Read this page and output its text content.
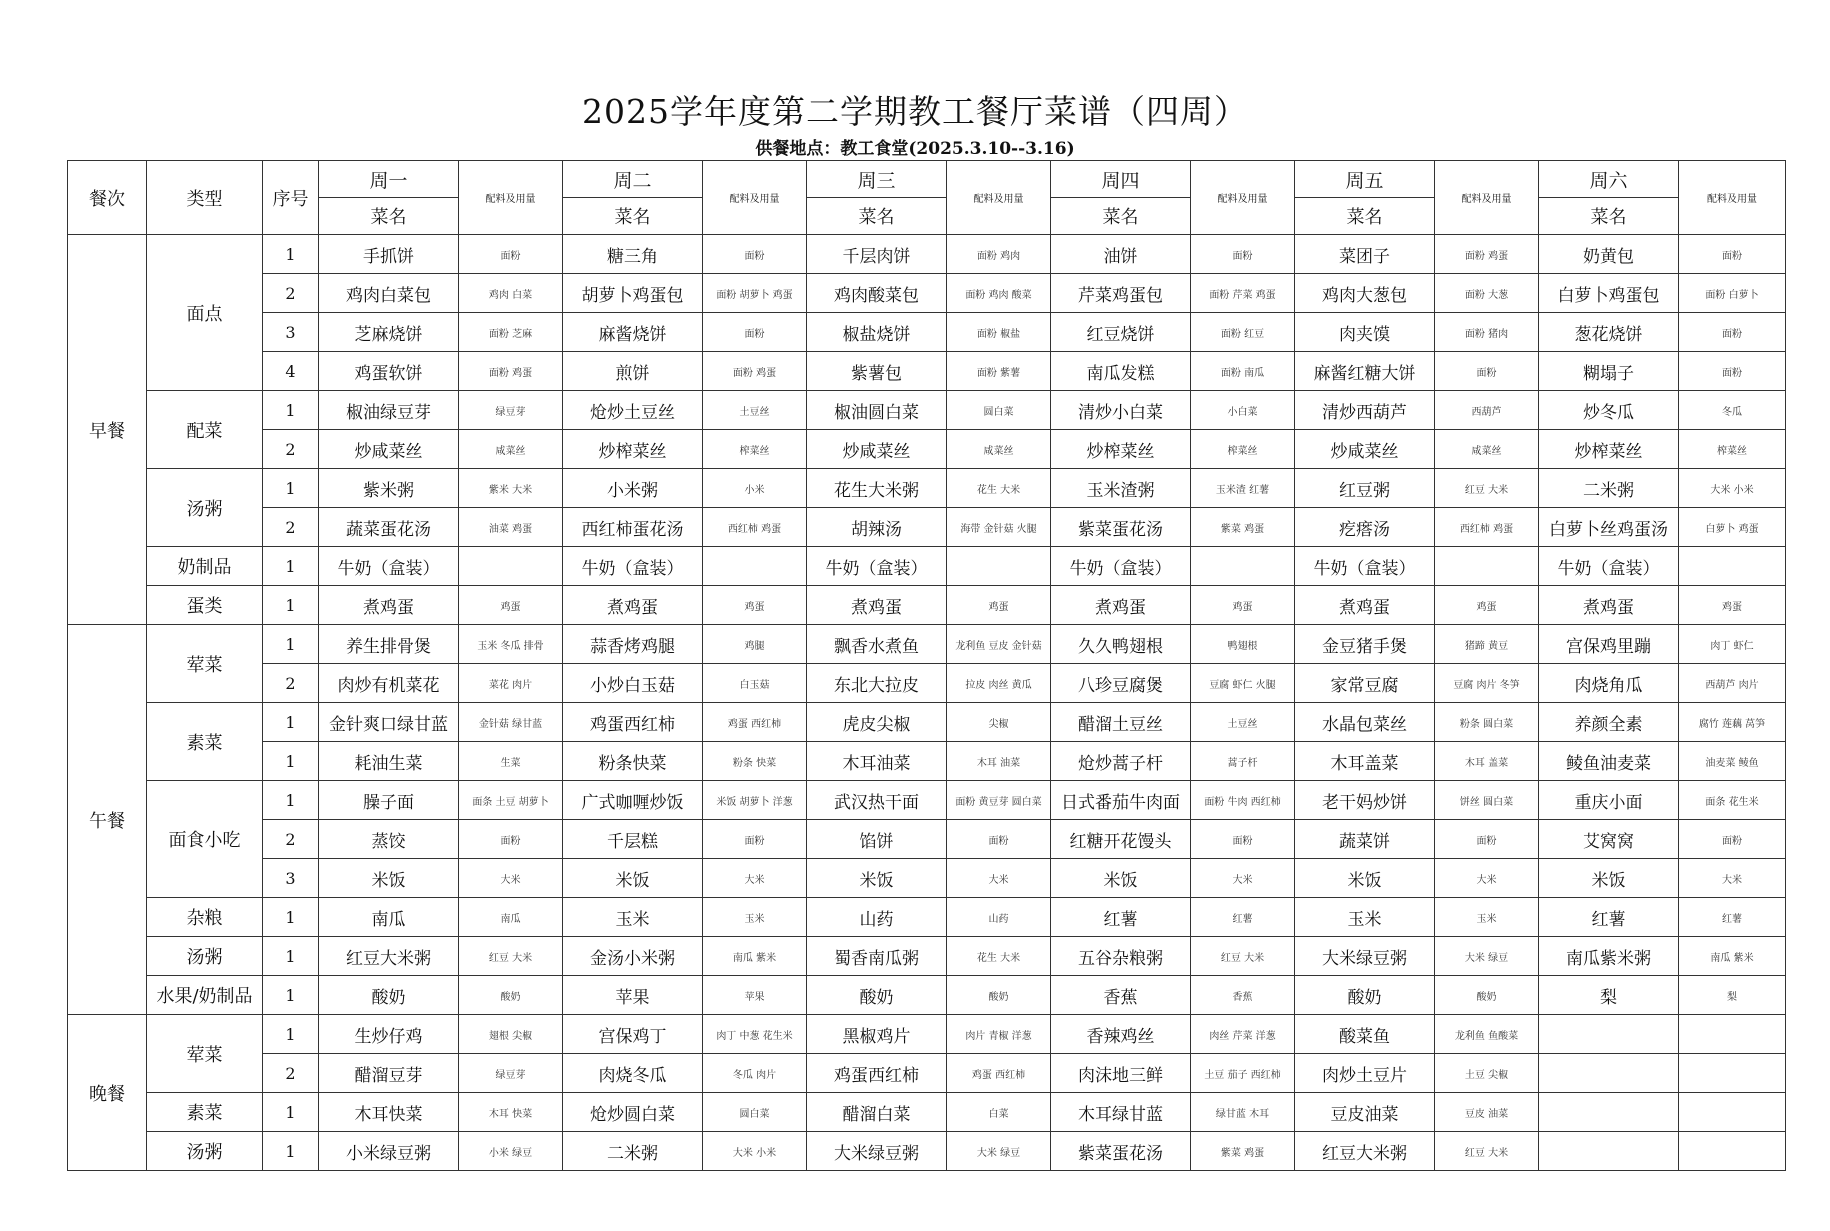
2025学年度第二学期教工餐厅菜谱（四周）
供餐地点：教工食堂(2025.3.10--3.16)
餐次	类型	序号	周一	配料及用量	周二	配料及用量	周三	配料及用量	周四	配料及用量	周五	配料及用量	周六	配料及用量
			菜名		菜名		菜名		菜名		菜名		菜名	
早餐	面点	1	手抓饼	面粉	糖三角	面粉	千层肉饼	面粉 鸡肉	油饼	面粉	菜团子	面粉 鸡蛋	奶黄包	面粉
		2	鸡肉白菜包	鸡肉 白菜	胡萝卜鸡蛋包	面粉 胡萝卜 鸡蛋	鸡肉酸菜包	面粉 鸡肉 酸菜	芹菜鸡蛋包	面粉 芹菜 鸡蛋	鸡肉大葱包	面粉 大葱	白萝卜鸡蛋包	面粉 白萝卜
		3	芝麻烧饼	面粉 芝麻	麻酱烧饼	面粉	椒盐烧饼	面粉 椒盐	红豆烧饼	面粉 红豆	肉夹馍	面粉 猪肉	葱花烧饼	面粉
		4	鸡蛋软饼	面粉 鸡蛋	煎饼	面粉 鸡蛋	紫薯包	面粉 紫薯	南瓜发糕	面粉 南瓜	麻酱红糖大饼	面粉	糊塌子	面粉
	配菜	1	椒油绿豆芽	绿豆芽	炝炒土豆丝	土豆丝	椒油圆白菜	圆白菜	清炒小白菜	小白菜	清炒西葫芦	西葫芦	炒冬瓜	冬瓜
		2	炒咸菜丝	咸菜丝	炒榨菜丝	榨菜丝	炒咸菜丝	咸菜丝	炒榨菜丝	榨菜丝	炒咸菜丝	咸菜丝	炒榨菜丝	榨菜丝
	汤粥	1	紫米粥	紫米 大米	小米粥	小米	花生大米粥	花生 大米	玉米渣粥	玉米渣 红薯	红豆粥	红豆 大米	二米粥	大米 小米
		2	蔬菜蛋花汤	油菜 鸡蛋	西红柿蛋花汤	西红柿 鸡蛋	胡辣汤	海带 金针菇 火腿	紫菜蛋花汤	紫菜 鸡蛋	疙瘩汤	西红柿 鸡蛋	白萝卜丝鸡蛋汤	白萝卜 鸡蛋
	奶制品	1	牛奶（盒装）		牛奶（盒装）		牛奶（盒装）		牛奶（盒装）		牛奶（盒装）		牛奶（盒装）	
	蛋类	1	煮鸡蛋	鸡蛋	煮鸡蛋	鸡蛋	煮鸡蛋	鸡蛋	煮鸡蛋	鸡蛋	煮鸡蛋	鸡蛋	煮鸡蛋	鸡蛋
午餐	荤菜	1	养生排骨煲	玉米 冬瓜 排骨	蒜香烤鸡腿	鸡腿	飘香水煮鱼	龙利鱼 豆皮 金针菇	久久鸭翅根	鸭翅根	金豆猪手煲	猪蹄 黄豆	宫保鸡里蹦	肉丁 虾仁
		2	肉炒有机菜花	菜花 肉片	小炒白玉菇	白玉菇	东北大拉皮	拉皮 肉丝 黄瓜	八珍豆腐煲	豆腐 虾仁 火腿	家常豆腐	豆腐 肉片 冬笋	肉烧角瓜	西葫芦 肉片
	素菜	1	金针爽口绿甘蓝	金针菇 绿甘蓝	鸡蛋西红柿	鸡蛋 西红柿	虎皮尖椒	尖椒	醋溜土豆丝	土豆丝	水晶包菜丝	粉条 圆白菜	养颜全素	腐竹 莲藕 莴笋
		1	耗油生菜	生菜	粉条快菜	粉条 快菜	木耳油菜	木耳 油菜	炝炒蒿子杆	蒿子杆	木耳盖菜	木耳 盖菜	鲮鱼油麦菜	油麦菜 鲮鱼
	面食小吃	1	臊子面	面条 土豆 胡萝卜	广式咖喱炒饭	米饭 胡萝卜 洋葱	武汉热干面	面粉 黄豆芽 圆白菜	日式番茄牛肉面	面粉 牛肉 西红柿	老干妈炒饼	饼丝 圆白菜	重庆小面	面条 花生米
		2	蒸饺	面粉	千层糕	面粉	馅饼	面粉	红糖开花馒头	面粉	蔬菜饼	面粉	艾窝窝	面粉
		3	米饭	大米	米饭	大米	米饭	大米	米饭	大米	米饭	大米	米饭	大米
	杂粮	1	南瓜	南瓜	玉米	玉米	山药	山药	红薯	红薯	玉米	玉米	红薯	红薯
	汤粥	1	红豆大米粥	红豆 大米	金汤小米粥	南瓜 紫米	蜀香南瓜粥	花生 大米	五谷杂粮粥	红豆 大米	大米绿豆粥	大米 绿豆	南瓜紫米粥	南瓜 紫米
	水果/奶制品	1	酸奶	酸奶	苹果	苹果	酸奶	酸奶	香蕉	香蕉	酸奶	酸奶	梨	梨
晚餐	荤菜	1	生炒仔鸡	翅根 尖椒	宫保鸡丁	肉丁 中葱 花生米	黑椒鸡片	肉片 青椒 洋葱	香辣鸡丝	肉丝 芹菜 洋葱	酸菜鱼	龙利鱼 鱼酸菜		
		2	醋溜豆芽	绿豆芽	肉烧冬瓜	冬瓜 肉片	鸡蛋西红柿	鸡蛋 西红柿	肉沫地三鲜	土豆 茄子 西红柿	肉炒土豆片	土豆 尖椒		
	素菜	1	木耳快菜	木耳 快菜	炝炒圆白菜	圆白菜	醋溜白菜	白菜	木耳绿甘蓝	绿甘蓝 木耳	豆皮油菜	豆皮 油菜		
	汤粥	1	小米绿豆粥	小米 绿豆	二米粥	大米 小米	大米绿豆粥	大米 绿豆	紫菜蛋花汤	紫菜 鸡蛋	红豆大米粥	红豆 大米		
